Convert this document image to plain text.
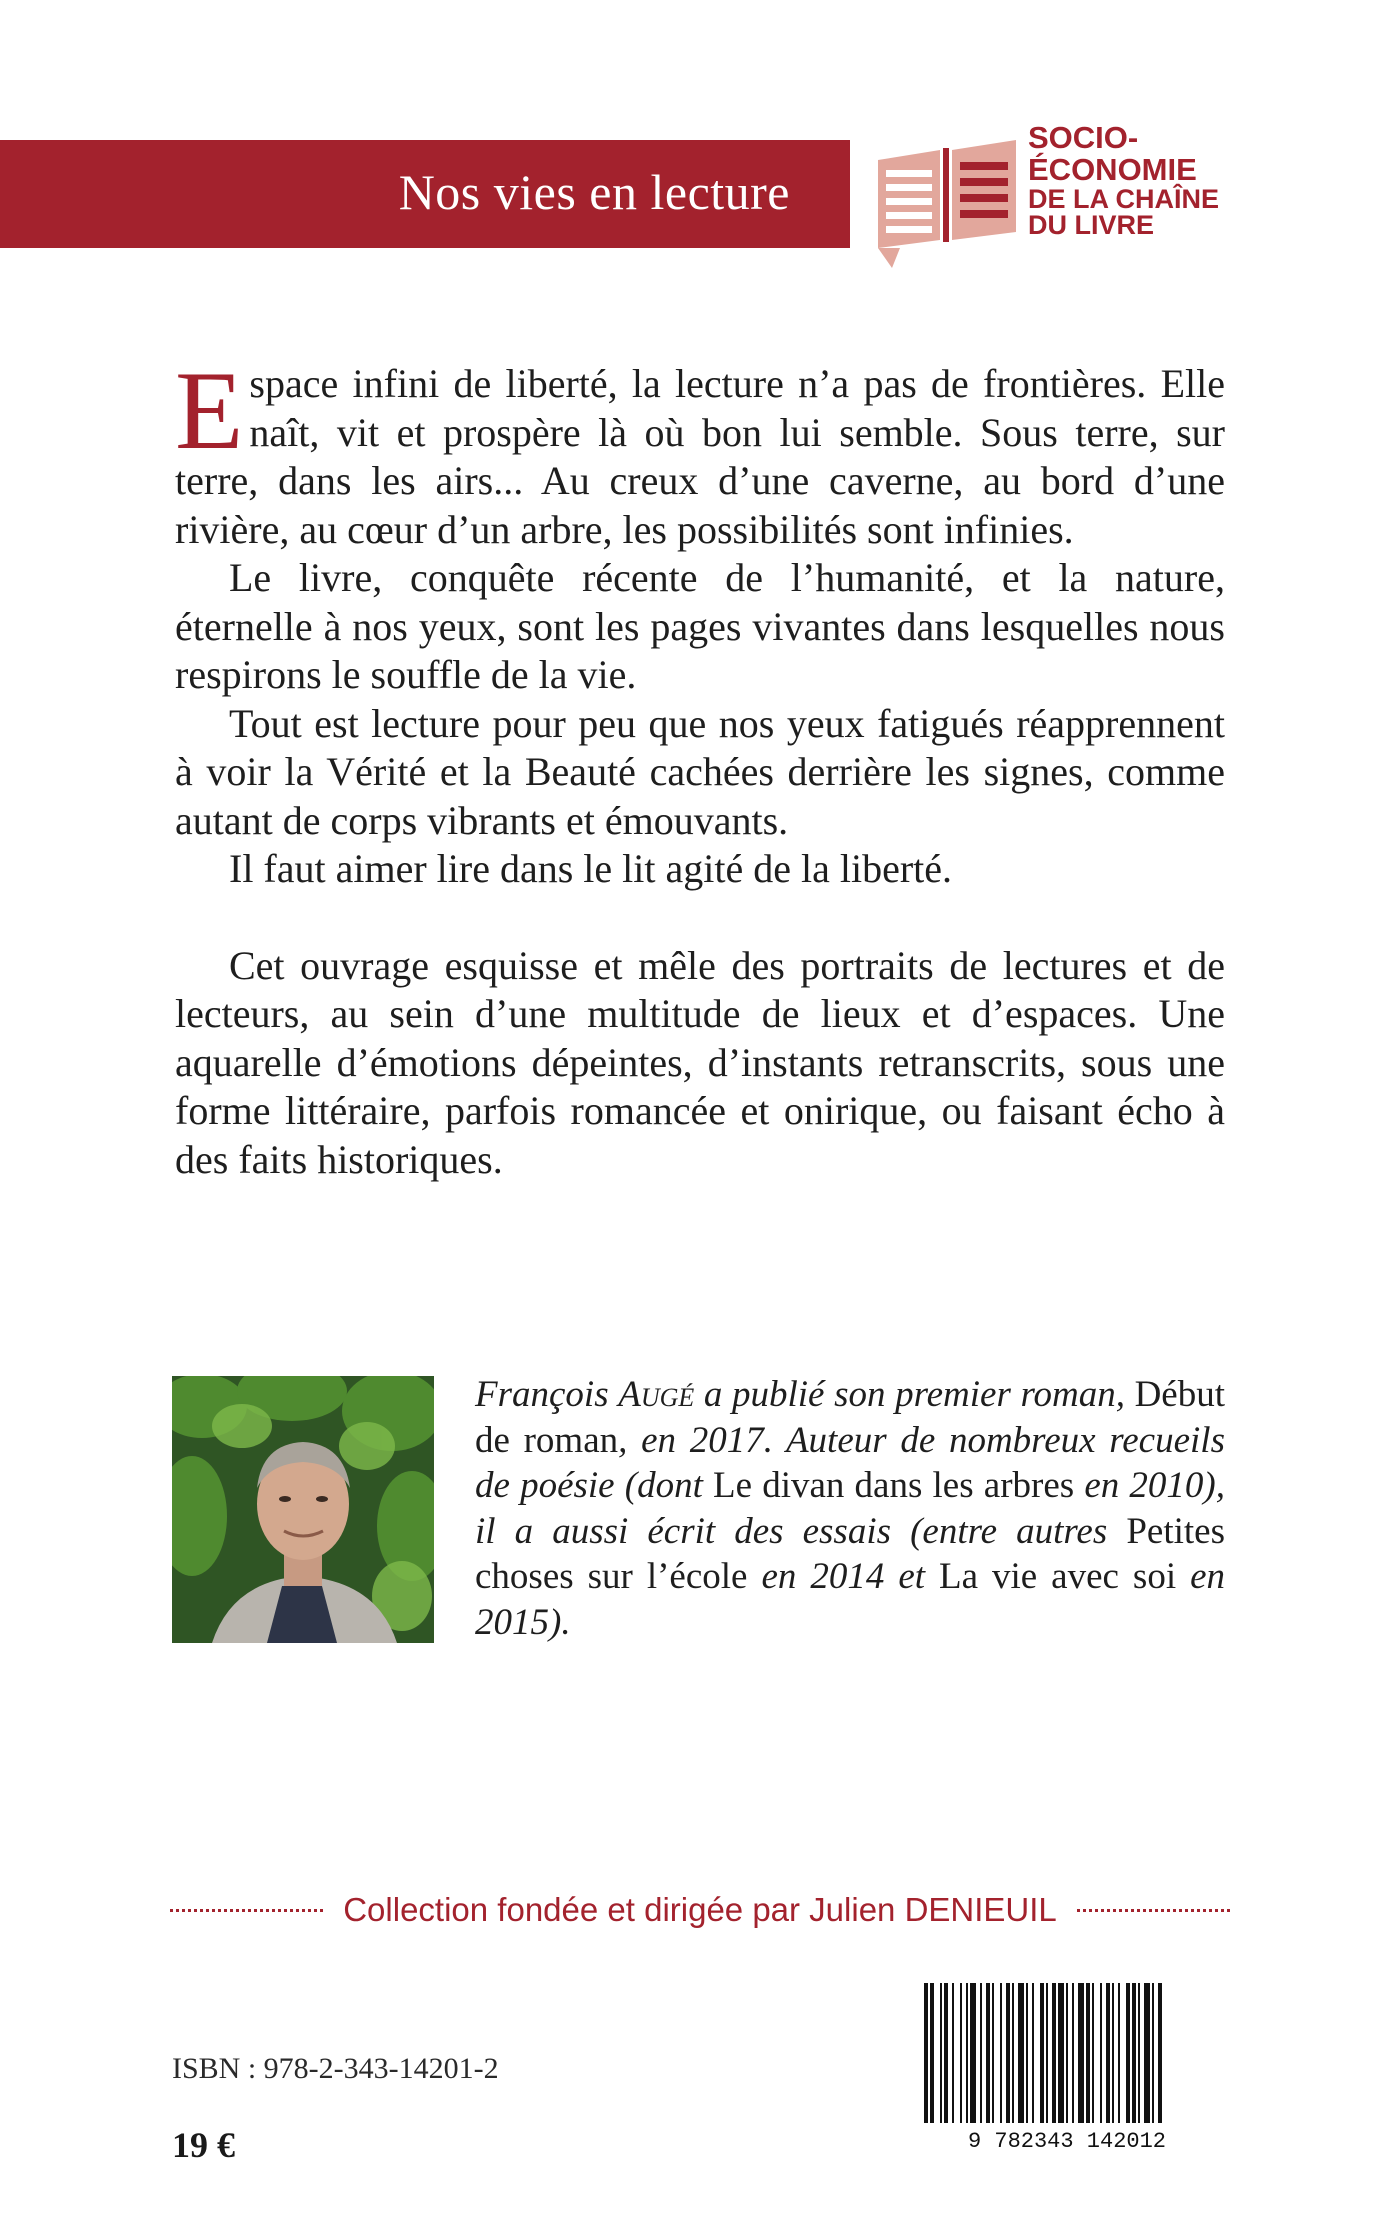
Nos vies en lecture
SOCIO-
ÉCONOMIE
DE LA CHAÎNE
DU LIVRE

Espace infini de liberté, la lecture n’a pas de frontières. Elle naît, vit et prospère là où bon lui semble. Sous terre, sur terre, dans les airs... Au creux d’une caverne, au bord d’une rivière, au cœur d’un arbre, les possibilités sont infinies.

Le livre, conquête récente de l’humanité, et la nature, éternelle à nos yeux, sont les pages vivantes dans lesquelles nous respirons le souffle de la vie.

Tout est lecture pour peu que nos yeux fatigués réapprennent à voir la Vérité et la Beauté cachées derrière les signes, comme autant de corps vibrants et émouvants.

Il faut aimer lire dans le lit agité de la liberté.

Cet ouvrage esquisse et mêle des portraits de lectures et de lecteurs, au sein d’une multitude de lieux et d’espaces. Une aquarelle d’émotions dépeintes, d’instants retranscrits, sous une forme littéraire, parfois romancée et onirique, ou faisant écho à des faits historiques.

François Augé a publié son premier roman, Début de roman, en 2017. Auteur de nombreux recueils de poésie (dont Le divan dans les arbres en 2010), il a aussi écrit des essais (entre autres Petites choses sur l’école en 2014 et La vie avec soi en 2015).

Collection fondée et dirigée par Julien DENIEUIL
ISBN : 978-2-343-14201-2
19 €	9 782343 142012
